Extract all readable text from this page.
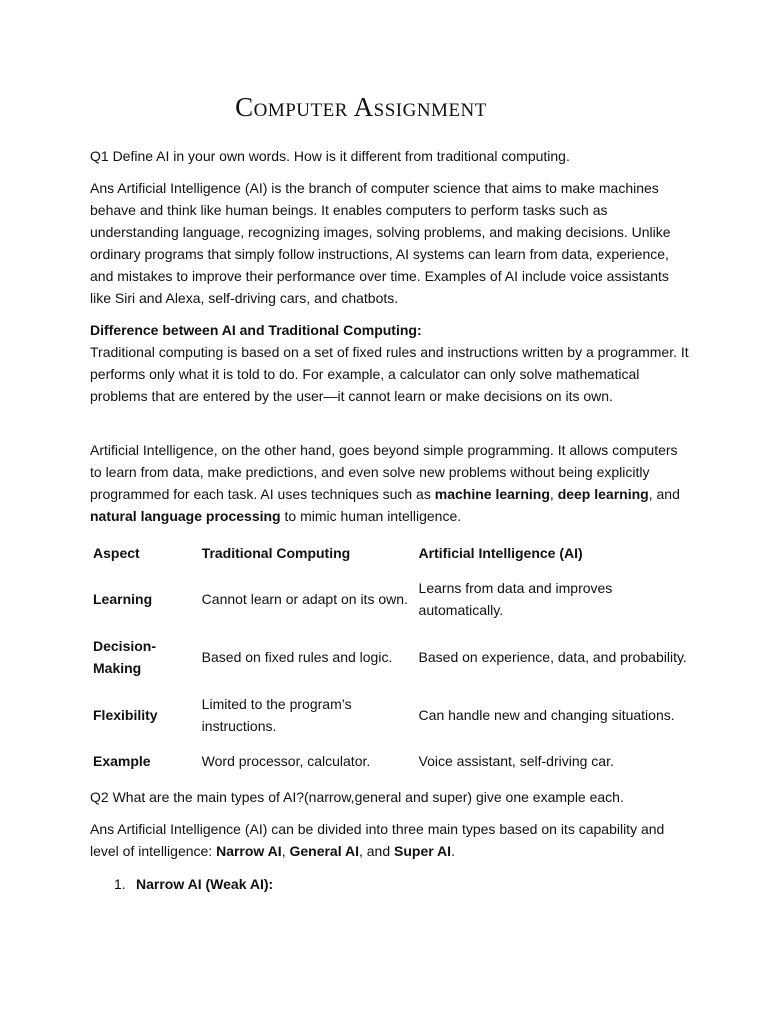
Computer Assignment

Q1 Define AI in your own words. How is it different from traditional computing.

Ans Artificial Intelligence (AI) is the branch of computer science that aims to make machines behave and think like human beings. It enables computers to perform tasks such as understanding language, recognizing images, solving problems, and making decisions. Unlike ordinary programs that simply follow instructions, AI systems can learn from data, experience, and mistakes to improve their performance over time. Examples of AI include voice assistants like Siri and Alexa, self-driving cars, and chatbots.

Difference between AI and Traditional Computing:
Traditional computing is based on a set of fixed rules and instructions written by a programmer. It performs only what it is told to do. For example, a calculator can only solve mathematical problems that are entered by the user—it cannot learn or make decisions on its own.

Artificial Intelligence, on the other hand, goes beyond simple programming. It allows computers to learn from data, make predictions, and even solve new problems without being explicitly programmed for each task. AI uses techniques such as machine learning, deep learning, and natural language processing to mimic human intelligence.

Aspect	Traditional Computing	Artificial Intelligence (AI)
Learning	Cannot learn or adapt on its own.	Learns from data and improves automatically.
Decision-Making	Based on fixed rules and logic.	Based on experience, data, and probability.
Flexibility	Limited to the program’s instructions.	Can handle new and changing situations.
Example	Word processor, calculator.	Voice assistant, self-driving car.

Q2 What are the main types of AI?(narrow,general and super) give one example each.

Ans Artificial Intelligence (AI) can be divided into three main types based on its capability and level of intelligence: Narrow AI, General AI, and Super AI.

1. Narrow AI (Weak AI):
